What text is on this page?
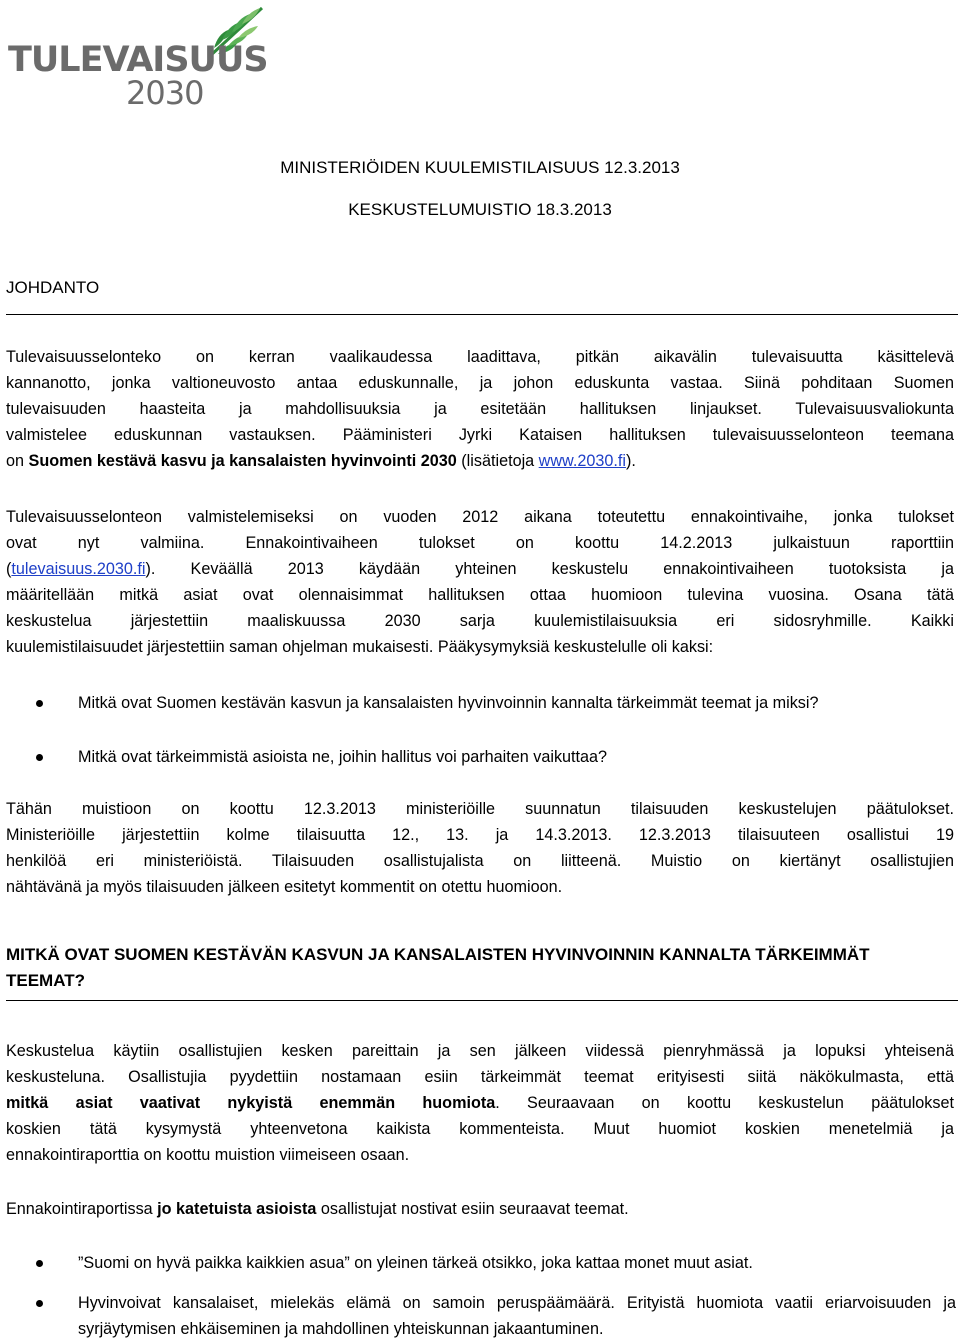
TULEVAISUUS
2030
MINISTERIÖIDEN KUULEMISTILAISUUS 12.3.2013
KESKUSTELUMUISTIO 18.3.2013
JOHDANTO
Tulevaisuusselonteko on kerran vaalikaudessa laadittava, pitkän aikavälin tulevaisuutta käsittelevä
kannanotto, jonka valtioneuvosto antaa eduskunnalle, ja johon eduskunta vastaa. Siinä pohditaan Suomen
tulevaisuuden haasteita ja mahdollisuuksia ja esitetään hallituksen linjaukset. Tulevaisuusvaliokunta
valmistelee eduskunnan vastauksen. Pääministeri Jyrki Kataisen hallituksen tulevaisuusselonteon teemana
on Suomen kestävä kasvu ja kansalaisten hyvinvointi 2030 (lisätietoja www.2030.fi).
Tulevaisuusselonteon valmistelemiseksi on vuoden 2012 aikana toteutettu ennakointivaihe, jonka tulokset
ovat nyt valmiina. Ennakointivaiheen tulokset on koottu 14.2.2013 julkaistuun raporttiin
(tulevaisuus.2030.fi). Keväällä 2013 käydään yhteinen keskustelu ennakointivaiheen tuotoksista ja
määritellään mitkä asiat ovat olennaisimmat hallituksen ottaa huomioon tulevina vuosina. Osana tätä
keskustelua järjestettiin maaliskuussa 2030 sarja kuulemistilaisuuksia eri sidosryhmille. Kaikki
kuulemistilaisuudet järjestettiin saman ohjelman mukaisesti. Pääkysymyksiä keskustelulle oli kaksi:
Mitkä ovat Suomen kestävän kasvun ja kansalaisten hyvinvoinnin kannalta tärkeimmät teemat ja miksi?
Mitkä ovat tärkeimmistä asioista ne, joihin hallitus voi parhaiten vaikuttaa?
Tähän muistioon on koottu 12.3.2013 ministeriöille suunnatun tilaisuuden keskustelujen päätulokset.
Ministeriöille järjestettiin kolme tilaisuutta 12., 13. ja 14.3.2013. 12.3.2013 tilaisuuteen osallistui 19
henkilöä eri ministeriöistä. Tilaisuuden osallistujalista on liitteenä. Muistio on kiertänyt osallistujien
nähtävänä ja myös tilaisuuden jälkeen esitetyt kommentit on otettu huomioon.
MITKÄ OVAT SUOMEN KESTÄVÄN KASVUN JA KANSALAISTEN HYVINVOINNIN KANNALTA TÄRKEIMMÄT
TEEMAT?
Keskustelua käytiin osallistujien kesken pareittain ja sen jälkeen viidessä pienryhmässä ja lopuksi yhteisenä
keskusteluna. Osallistujia pyydettiin nostamaan esiin tärkeimmät teemat erityisesti siitä näkökulmasta, että
mitkä asiat vaativat nykyistä enemmän huomiota. Seuraavaan on koottu keskustelun päätulokset
koskien tätä kysymystä yhteenvetona kaikista kommenteista. Muut huomiot koskien menetelmiä ja
ennakointiraporttia on koottu muistion viimeiseen osaan.
Ennakointiraportissa jo katetuista asioista osallistujat nostivat esiin seuraavat teemat.
”Suomi on hyvä paikka kaikkien asua” on yleinen tärkeä otsikko, joka kattaa monet muut asiat.
Hyvinvoivat kansalaiset, mielekäs elämä on samoin peruspäämäärä. Erityistä huomiota vaatii eriarvoisuuden ja syrjäytymisen ehkäiseminen ja mahdollinen yhteiskunnan jakaantuminen.
